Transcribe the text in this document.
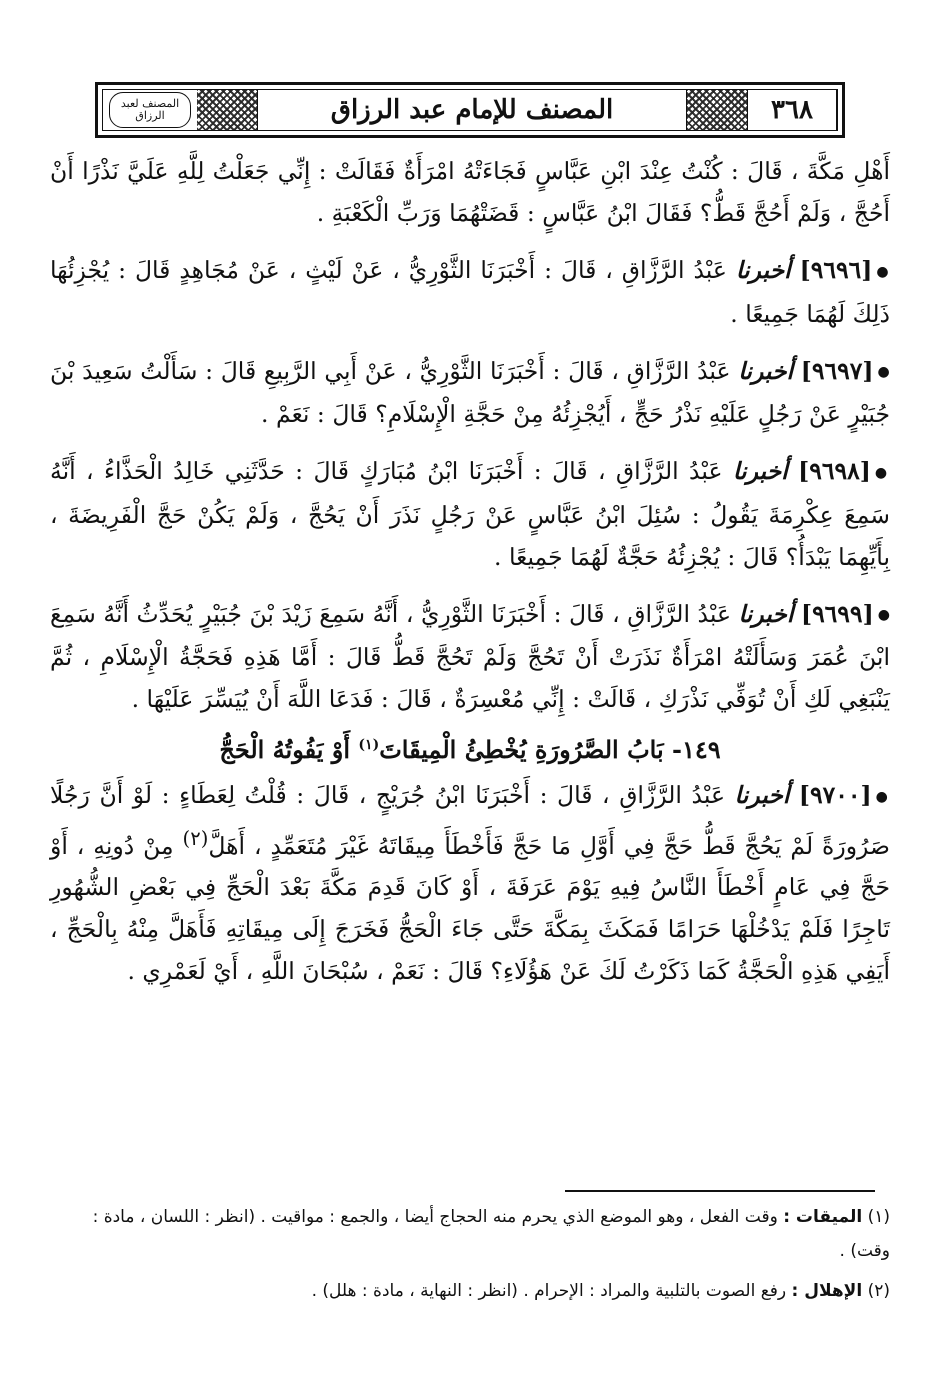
٣٦٨
المصنف للإمام عبد الرزاق
المصنف لعبد الرزاق

أَهْلِ مَكَّةَ ، قَالَ : كُنْتُ عِنْدَ ابْنِ عَبَّاسٍ فَجَاءَتْهُ امْرَأَةٌ فَقَالَتْ : إِنِّي جَعَلْتُ لِلَّهِ عَلَيَّ نَذْرًا أَنْ أَحُجَّ ، وَلَمْ أَحُجَّ قَطُّ؟ فَقَالَ ابْنُ عَبَّاسٍ : قَضَتْهُمَا وَرَبِّ الْكَعْبَةِ .

●[٩٦٩٦] أخبرنا عَبْدُ الرَّزَّاقِ ، قَالَ : أَخْبَرَنَا الثَّوْرِيُّ ، عَنْ لَيْثٍ ، عَنْ مُجَاهِدٍ قَالَ : يُجْزِئُهَا ذَلِكَ لَهُمَا جَمِيعًا .

●[٩٦٩٧] أخبرنا عَبْدُ الرَّزَّاقِ ، قَالَ : أَخْبَرَنَا الثَّوْرِيُّ ، عَنْ أَبِي الرَّبِيعِ قَالَ : سَأَلْتُ سَعِيدَ بْنَ جُبَيْرٍ عَنْ رَجُلٍ عَلَيْهِ نَذْرُ حَجٍّ ، أَيُجْزِئُهُ مِنْ حَجَّةِ الْإِسْلَامِ؟ قَالَ : نَعَمْ .

●[٩٦٩٨] أخبرنا عَبْدُ الرَّزَّاقِ ، قَالَ : أَخْبَرَنَا ابْنُ مُبَارَكٍ قَالَ : حَدَّثَنِي خَالِدُ الْحَذَّاءُ ، أَنَّهُ سَمِعَ عِكْرِمَةَ يَقُولُ : سُئِلَ ابْنُ عَبَّاسٍ عَنْ رَجُلٍ نَذَرَ أَنْ يَحُجَّ ، وَلَمْ يَكُنْ حَجَّ الْفَرِيضَةَ ، بِأَيِّهِمَا يَبْدَأُ؟ قَالَ : يُجْزِئُهُ حَجَّةٌ لَهُمَا جَمِيعًا .

●[٩٦٩٩] أخبرنا عَبْدُ الرَّزَّاقِ ، قَالَ : أَخْبَرَنَا الثَّوْرِيُّ ، أَنَّهُ سَمِعَ زَيْدَ بْنَ جُبَيْرٍ يُحَدِّثُ أَنَّهُ سَمِعَ ابْنَ عُمَرَ وَسَأَلَتْهُ امْرَأَةٌ نَذَرَتْ أَنْ تَحُجَّ وَلَمْ تَحُجَّ قَطُّ قَالَ : أَمَّا هَذِهِ فَحَجَّةُ الْإِسْلَامِ ، ثُمَّ يَنْبَغِي لَكِ أَنْ تُوَفِّي نَذْرَكِ ، قَالَتْ : إِنِّي مُعْسِرَةٌ ، قَالَ : فَدَعَا اللَّهَ أَنْ يُيَسِّرَ عَلَيْهَا .

١٤٩- بَابُ الصَّرُورَةِ يُخْطِئُ الْمِيقَاتَ$^{(١)}$ أَوْ يَفُوتُهُ الْحَجُّ

●[٩٧٠٠] أخبرنا عَبْدُ الرَّزَّاقِ ، قَالَ : أَخْبَرَنَا ابْنُ جُرَيْجٍ ، قَالَ : قُلْتُ لِعَطَاءٍ : لَوْ أَنَّ رَجُلًا صَرُورَةً لَمْ يَحُجَّ قَطُّ حَجَّ فِي أَوَّلِ مَا حَجَّ فَأَخْطَأَ مِيقَاتَهُ غَيْرَ مُتَعَمِّدٍ ، أَهَلَّ$^{(٢)}$ مِنْ دُونِهِ ، أَوْ حَجَّ فِي عَامٍ أَخْطَأَ النَّاسُ فِيهِ يَوْمَ عَرَفَةَ ، أَوْ كَانَ قَدِمَ مَكَّةَ بَعْدَ الْحَجِّ فِي بَعْضِ الشُّهُورِ تَاجِرًا فَلَمْ يَدْخُلْهَا حَرَامًا فَمَكَثَ بِمَكَّةَ حَتَّى جَاءَ الْحَجُّ فَخَرَجَ إِلَى مِيقَاتِهِ فَأَهَلَّ مِنْهُ بِالْحَجِّ ، أَيَفِي هَذِهِ الْحَجَّةُ كَمَا ذَكَرْتُ لَكَ عَنْ هَؤُلَاءِ؟ قَالَ : نَعَمْ ، سُبْحَانَ اللَّهِ ، أَيْ لَعَمْرِي .

(١) الميقات : وقت الفعل ، وهو الموضع الذي يحرم منه الحجاج أيضا ، والجمع : مواقيت . (انظر : اللسان ، مادة : وقت) .

(٢) الإهلال : رفع الصوت بالتلبية والمراد : الإحرام . (انظر : النهاية ، مادة : هلل) .
